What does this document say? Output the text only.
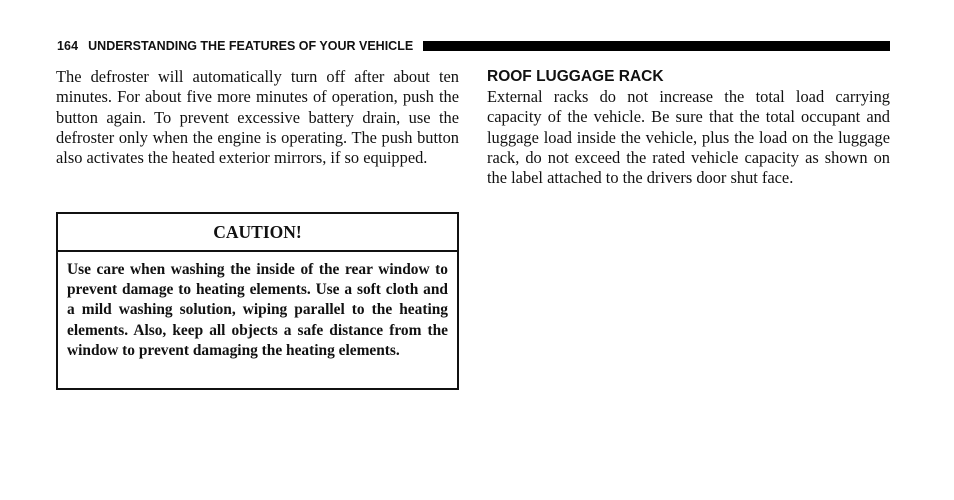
164 UNDERSTANDING THE FEATURES OF YOUR VEHICLE

The defroster will automatically turn off after about ten minutes. For about five more minutes of operation, push the button again. To prevent excessive battery drain, use the defroster only when the engine is operating. The push button also activates the heated exterior mirrors, if so equipped.

CAUTION!

Use care when washing the inside of the rear window to prevent damage to heating elements. Use a soft cloth and a mild washing solution, wiping parallel to the heating elements. Also, keep all objects a safe distance from the window to prevent damaging the heating elements.

ROOF LUGGAGE RACK

External racks do not increase the total load carrying capacity of the vehicle. Be sure that the total occupant and luggage load inside the vehicle, plus the load on the luggage rack, do not exceed the rated vehicle capacity as shown on the label attached to the drivers door shut face.
